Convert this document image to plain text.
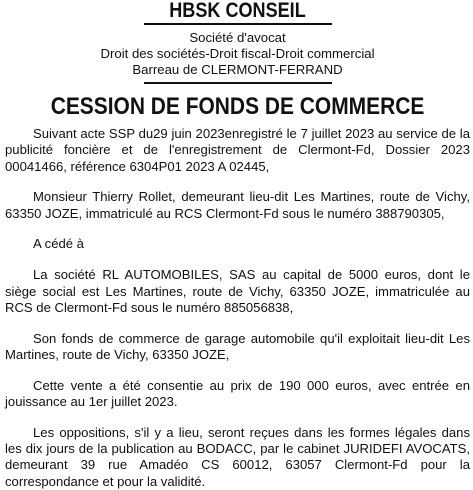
HBSK CONSEIL
Société d'avocat
Droit des sociétés-Droit fiscal-Droit commercial
Barreau de CLERMONT-FERRAND
CESSION DE FONDS DE COMMERCE

Suivant acte SSP du29 juin 2023enregistré le 7 juillet 2023 au service de la publicité foncière et de l'enregistrement de Clermont-Fd, Dossier 2023 00041466, référence 6304P01 2023 A 02445,

Monsieur Thierry Rollet, demeurant lieu-dit Les Martines, route de Vichy, 63350 JOZE, immatriculé au RCS Clermont-Fd sous le numéro 388790305,

A cédé à

La société RL AUTOMOBILES, SAS au capital de 5000 euros, dont le siège social est Les Martines, route de Vichy, 63350 JOZE, immatriculée au RCS de Clermont-Fd sous le numéro 885056838,

Son fonds de commerce de garage automobile qu'il exploitait lieu-dit Les Martines, route de Vichy, 63350 JOZE,

Cette vente a été consentie au prix de 190 000 euros, avec entrée en jouissance au 1er juillet 2023.

Les oppositions, s'il y a lieu, seront reçues dans les formes légales dans les dix jours de la publication au BODACC, par le cabinet JURIDEFI AVOCATS, demeurant 39 rue Amadéo CS 60012, 63057 Clermont-Fd pour la correspondance et pour la validité.
